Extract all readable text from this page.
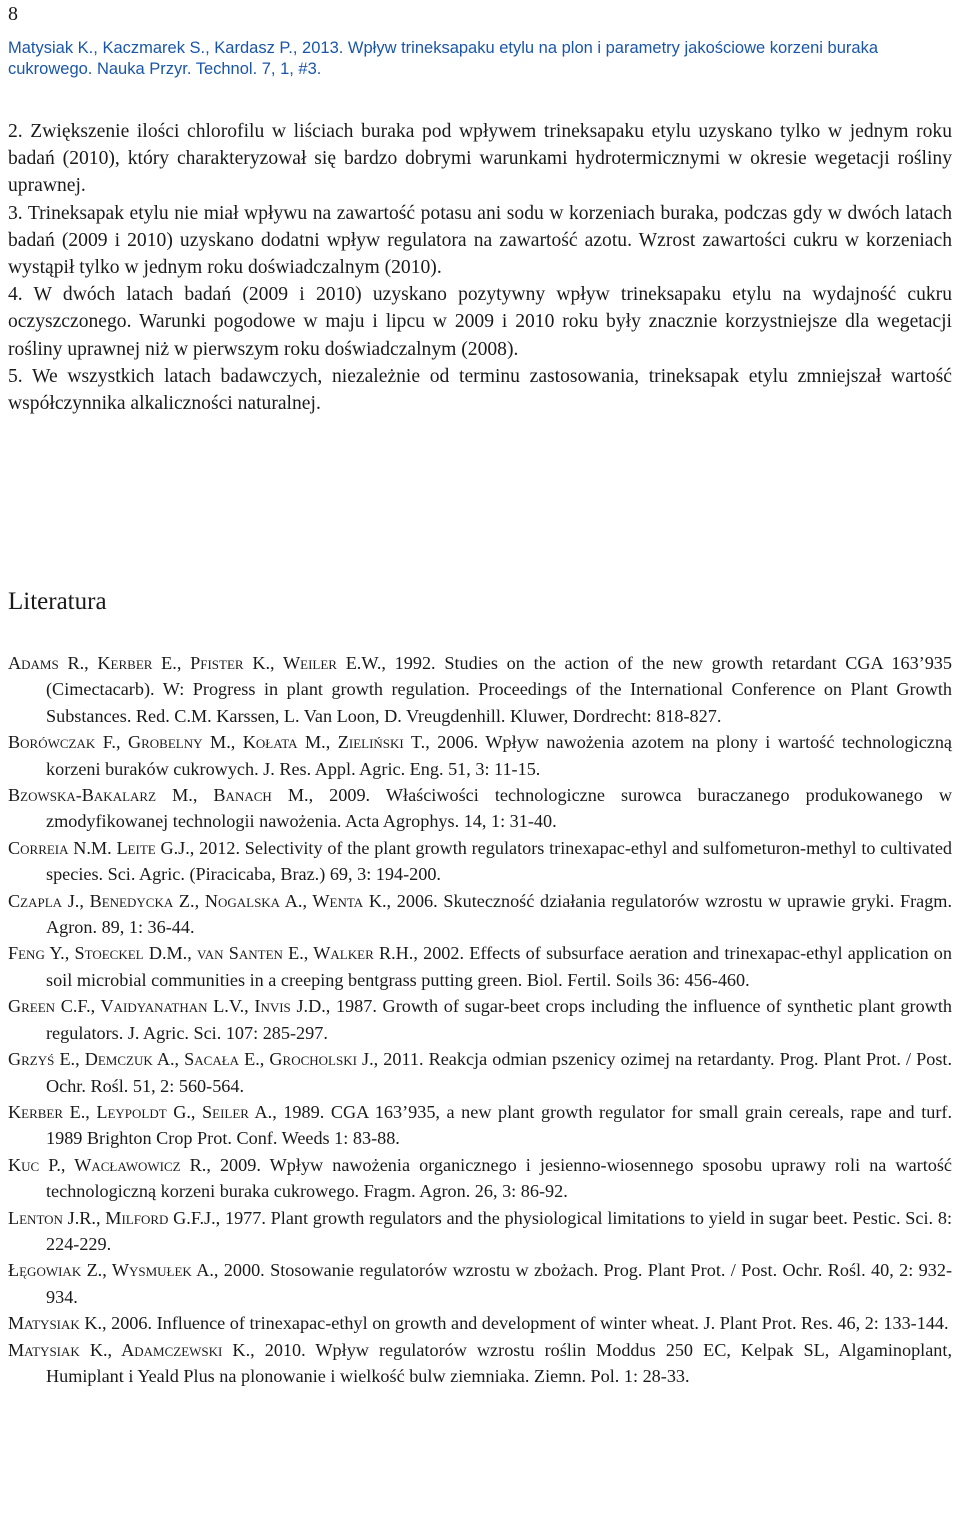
8
Matysiak K., Kaczmarek S., Kardasz P., 2013. Wpływ trineksapaku etylu na plon i parametry jakościowe korzeni buraka cukrowego. Nauka Przyr. Technol. 7, 1, #3.

2. Zwiększenie ilości chlorofilu w liściach buraka pod wpływem trineksapaku etylu uzyskano tylko w jednym roku badań (2010), który charakteryzował się bardzo dobrymi warunkami hydrotermicznymi w okresie wegetacji rośliny uprawnej.

3. Trineksapak etylu nie miał wpływu na zawartość potasu ani sodu w korzeniach buraka, podczas gdy w dwóch latach badań (2009 i 2010) uzyskano dodatni wpływ regulatora na zawartość azotu. Wzrost zawartości cukru w korzeniach wystąpił tylko w jednym roku doświadczalnym (2010).

4. W dwóch latach badań (2009 i 2010) uzyskano pozytywny wpływ trineksapaku etylu na wydajność cukru oczyszczonego. Warunki pogodowe w maju i lipcu w 2009 i 2010 roku były znacznie korzystniejsze dla wegetacji rośliny uprawnej niż w pierwszym roku doświadczalnym (2008).

5. We wszystkich latach badawczych, niezależnie od terminu zastosowania, trineksapak etylu zmniejszał wartość współczynnika alkaliczności naturalnej.

Literatura

Adams R., Kerber E., Pfister K., Weiler E.W., 1992. Studies on the action of the new growth retardant CGA 163’935 (Cimectacarb). W: Progress in plant growth regulation. Proceedings of the International Conference on Plant Growth Substances. Red. C.M. Karssen, L. Van Loon, D. Vreugdenhill. Kluwer, Dordrecht: 818-827.

Borówczak F., Grobelny M., Kołata M., Zieliński T., 2006. Wpływ nawożenia azotem na plony i wartość technologiczną korzeni buraków cukrowych. J. Res. Appl. Agric. Eng. 51, 3: 11-15.

Bzowska-Bakalarz M., Banach M., 2009. Właściwości technologiczne surowca buraczanego produkowanego w zmodyfikowanej technologii nawożenia. Acta Agrophys. 14, 1: 31-40.

Correia N.M. Leite G.J., 2012. Selectivity of the plant growth regulators trinexapac-ethyl and sulfometuron-methyl to cultivated species. Sci. Agric. (Piracicaba, Braz.) 69, 3: 194-200.

Czapla J., Benedycka Z., Nogalska A., Wenta K., 2006. Skuteczność działania regulatorów wzrostu w uprawie gryki. Fragm. Agron. 89, 1: 36-44.

Feng Y., Stoeckel D.M., van Santen E., Walker R.H., 2002. Effects of subsurface aeration and trinexapac-ethyl application on soil microbial communities in a creeping bentgrass putting green. Biol. Fertil. Soils 36: 456-460.

Green C.F., Vaidyanathan L.V., Invis J.D., 1987. Growth of sugar-beet crops including the influence of synthetic plant growth regulators. J. Agric. Sci. 107: 285-297.

Grzyś E., Demczuk A., Sacała E., Grocholski J., 2011. Reakcja odmian pszenicy ozimej na retardanty. Prog. Plant Prot. / Post. Ochr. Rośl. 51, 2: 560-564.

Kerber E., Leypoldt G., Seiler A., 1989. CGA 163’935, a new plant growth regulator for small grain cereals, rape and turf. 1989 Brighton Crop Prot. Conf. Weeds 1: 83-88.

Kuc P., Wacławowicz R., 2009. Wpływ nawożenia organicznego i jesienno-wiosennego sposobu uprawy roli na wartość technologiczną korzeni buraka cukrowego. Fragm. Agron. 26, 3: 86-92.

Lenton J.R., Milford G.F.J., 1977. Plant growth regulators and the physiological limitations to yield in sugar beet. Pestic. Sci. 8: 224-229.

Łęgowiak Z., Wysmułek A., 2000. Stosowanie regulatorów wzrostu w zbożach. Prog. Plant Prot. / Post. Ochr. Rośl. 40, 2: 932-934.

Matysiak K., 2006. Influence of trinexapac-ethyl on growth and development of winter wheat. J. Plant Prot. Res. 46, 2: 133-144.

Matysiak K., Adamczewski K., 2010. Wpływ regulatorów wzrostu roślin Moddus 250 EC, Kelpak SL, Algaminoplant, Humiplant i Yeald Plus na plonowanie i wielkość bulw ziemniaka. Ziemn. Pol. 1: 28-33.
